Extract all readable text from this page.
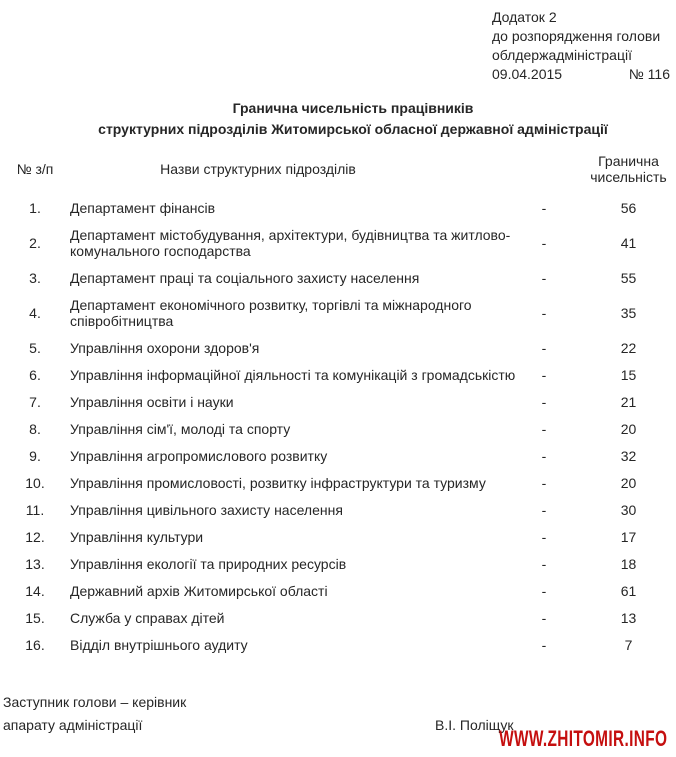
Додаток 2
до розпорядження голови
облдержадміністрації
09.04.2015	№ 116
Гранична чисельність працівників
структурних підрозділів Житомирської обласної державної адміністрації
№ з/п	Назви структурних підрозділів	Гранична
чисельність
1.	Департамент фінансів	-	56
2.	Департамент містобудування, архітектури, будівництва та житлово-комунального господарства	-	41
3.	Департамент праці та соціального захисту населення	-	55
4.	Департамент економічного розвитку, торгівлі та міжнародного співробітництва	-	35
5.	Управління охорони здоров'я	-	22
6.	Управління інформаційної діяльності та комунікацій з громадськістю	-	15
7.	Управління освіти і науки	-	21
8.	Управління сім'ї, молоді та спорту	-	20
9.	Управління агропромислового розвитку	-	32
10.	Управління промисловості, розвитку інфраструктури та туризму	-	20
11.	Управління цивільного захисту населення	-	30
12.	Управління культури	-	17
13.	Управління екології та природних ресурсів	-	18
14.	Державний архів Житомирської області	-	61
15.	Служба у справах дітей	-	13
16.	Відділ внутрішнього аудиту	-	7
Заступник голови – керівник
апарату адміністрації	В.І. Поліщук
WWW.ZHITOMIR.INFO
